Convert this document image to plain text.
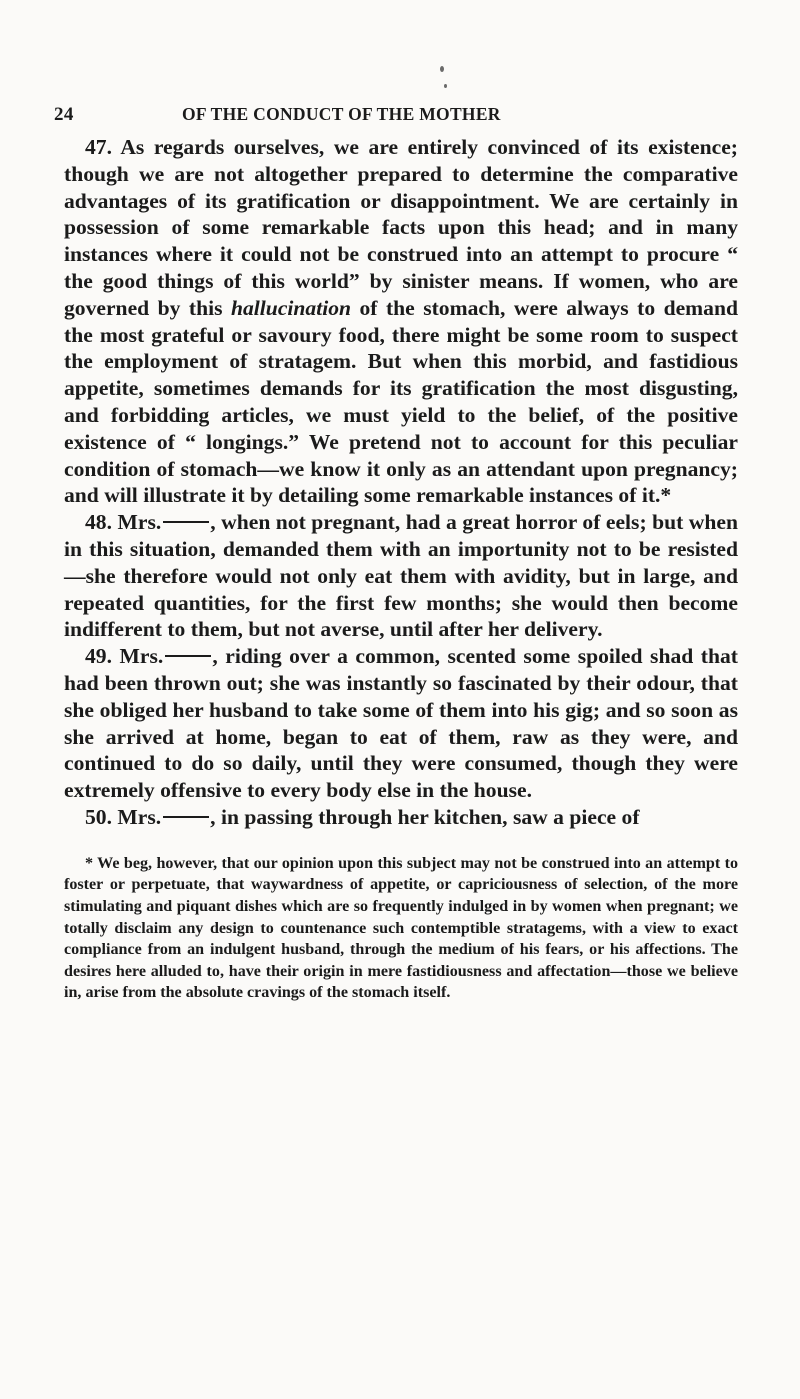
24	OF THE CONDUCT OF THE MOTHER

47. As regards ourselves, we are entirely convinced of its existence; though we are not altogether prepared to determine the comparative advantages of its gratification or disappointment. We are certainly in possession of some remarkable facts upon this head; and in many instances where it could not be construed into an attempt to procure “ the good things of this world” by sinister means. If women, who are governed by this hallucination of the stomach, were always to demand the most grateful or savoury food, there might be some room to suspect the employment of stratagem. But when this morbid, and fastidious appetite, sometimes demands for its gratification the most disgusting, and forbidding articles, we must yield to the belief, of the positive existence of “ longings.” We pretend not to account for this peculiar condition of stomach—we know it only as an attendant upon pregnancy; and will illustrate it by detailing some remarkable instances of it.*

48. Mrs. , when not pregnant, had a great horror of eels; but when in this situation, demanded them with an importunity not to be resisted—she therefore would not only eat them with avidity, but in large, and repeated quantities, for the first few months; she would then become indifferent to them, but not averse, until after her delivery.

49. Mrs. , riding over a common, scented some spoiled shad that had been thrown out; she was instantly so fascinated by their odour, that she obliged her husband to take some of them into his gig; and so soon as she arrived at home, began to eat of them, raw as they were, and continued to do so daily, until they were consumed, though they were extremely offensive to every body else in the house.

50. Mrs. , in passing through her kitchen, saw a piece of

* We beg, however, that our opinion upon this subject may not be construed into an attempt to foster or perpetuate, that waywardness of appetite, or capriciousness of selection, of the more stimulating and piquant dishes which are so frequently indulged in by women when pregnant; we totally disclaim any design to countenance such contemptible stratagems, with a view to exact compliance from an indulgent husband, through the medium of his fears, or his affections. The desires here alluded to, have their origin in mere fastidiousness and affectation—those we believe in, arise from the absolute cravings of the stomach itself.
